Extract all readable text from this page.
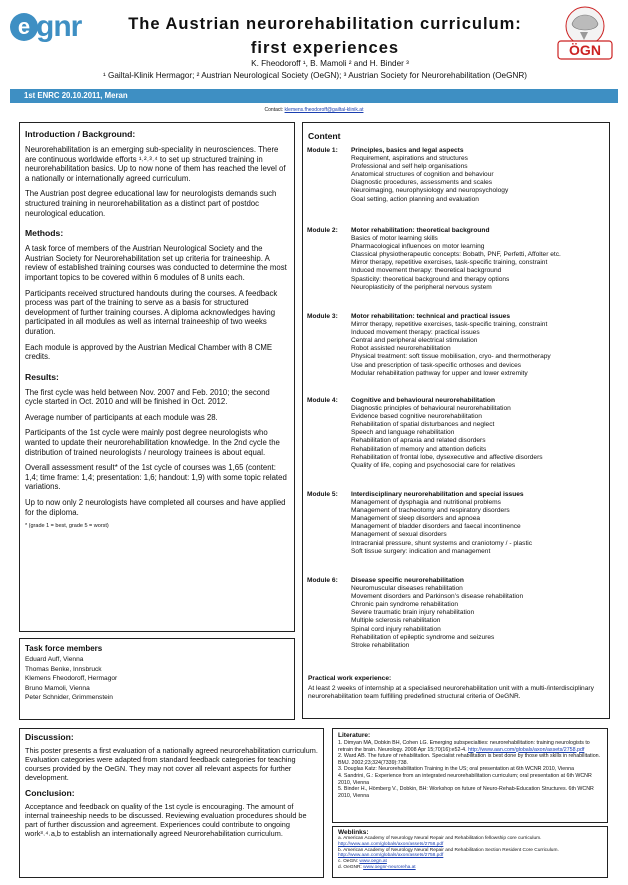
e gnr
ÖGN
The Austrian neurorehabilitation curriculum:
first experiences
K. Fheodoroff ¹, B. Mamoli ² and H. Binder ³
¹ Gailtal-Klinik Hermagor; ² Austrian Neurological Society (OeGN); ³ Austrian Society for Neurorehabilitation (OeGNR)
1st ENRC 20.10.2011, Meran
Contact: klemens.fheodoroff@gailtal-klinik.at
Introduction / Background:

Neurorehabilitation is an emerging sub-speciality in neurosciences. There are continuous worldwide efforts ¹˒²˒³˒⁴ to set up structured training in neurorehabilitation basics. Up to now none of them has reached the level of a nationally or internationally agreed curriculum.

The Austrian post degree educational law for neurologists demands such structured training in neurorehabilitation as a distinct part of postdoc neurological education.

Methods:

A task force of members of the Austrian Neurological Society and the Austrian Society for Neurorehabilitation set up criteria for traineeship. A review of established training courses was conducted to determine the most important topics to be covered within 6 modules of 8 units each.

Participants received structured handouts during the courses. A feedback process was part of the training to serve as a basis for structured development of further training courses. A diploma acknowledges having participated in all modules as well as internal traineeship of two weeks duration.

Each module is approved by the Austrian Medical Chamber with 8 CME credits.

Results:

The first cycle was held between Nov. 2007 and Feb. 2010; the second cycle started in Oct. 2010 and will be finished in Oct. 2012.

Average number of participants at each module was 28.

Participants of the 1st cycle were mainly post degree neurologists who wanted to update their neurorehabilitation knowledge. In the 2nd cycle the distribution of trained neurologists / neurology trainees is about equal.

Overall assessment result* of the 1st cycle of courses was 1,65 (content: 1,4; time frame: 1,4; presentation: 1,6; handout: 1,9) with some topic related variations.

Up to now only 2 neurologists have completed all courses and have applied for the diploma.

* (grade 1 = best, grade 5 = worst)

Task force members
Eduard Auff, Vienna
Thomas Benke, Innsbruck
Klemens Fheodoroff, Hermagor
Bruno Mamoli, Vienna
Peter Schnider, Grimmenstein
Content
Module 1: Principles, basics and legal aspects
Requirement, aspirations and structures
Professional and self help organisations
Anatomical structures of cognition and behaviour
Diagnostic procedures, assessments and scales
Neuroimaging, neurophysiology and neuropsychology
Goal setting, action planning and evaluation
Module 2: Motor rehabilitation: theoretical background
Basics of motor learning skills
Pharmacological influences on motor learning
Classical physiotherapeutic concepts: Bobath, PNF, Perfetti, Affolter etc.
Mirror therapy, repetitive exercises, task-specific training, constraint
Induced movement therapy: theoretical background
Spasticity: theoretical background and therapy options
Neuroplasticity of the peripheral nervous system
Module 3: Motor rehabilitation: technical and practical issues
Mirror therapy, repetitive exercises, task-specific training, constraint
Induced movement therapy: practical issues
Central and peripheral electrical stimulation
Robot assisted neurorehabilitation
Physical treatment: soft tissue mobilisation, cryo- and thermotherapy
Use and prescription of task-specific orthoses and devices
Modular rehabilitation pathway for upper and lower extremity
Module 4: Cognitive and behavioural neurorehabilitation
Diagnostic principles of behavioural neurorehabilitation
Evidence based cognitive neurorehabilitation
Rehabilitation of spatial disturbances and neglect
Speech and language rehabilitation
Rehabilitation of apraxia and related disorders
Rehabilitation of memory and attention deficits
Rehabilitation of frontal lobe, dysexecutive and affective disorders
Quality of life, coping and psychosocial care for relatives
Module 5: Interdisciplinary neurorehabilitation and special issues
Management of dysphagia and nutritional problems
Management of tracheotomy and respiratory disorders
Management of sleep disorders and apnoea
Management of bladder disorders and faecal incontinence
Management of sexual disorders
Intracranial pressure, shunt systems and craniotomy / - plastic
Soft tissue surgery: indication and management
Module 6: Disease specific neurorehabilitation
Neuromuscular diseases rehabilitation
Movement disorders and Parkinson’s disease rehabilitation
Chronic pain syndrome rehabilitation
Severe traumatic brain injury rehabilitation
Multiple sclerosis rehabilitation
Spinal cord injury rehabilitation
Rehabilitation of epileptic syndrome and seizures
Stroke rehabilitation
Practical work experience:
At least 2 weeks of internship at a specialised neurorehabilitation unit with a multi-/interdisciplinary neurorehabilitation team fulfilling predefined structural criteria of OeGNR.
Discussion:

This poster presents a first evaluation of a nationally agreed neurorehabilitation curriculum. Evaluation categories were adapted from standard feedback categories for teaching courses provided by the OeGN. They may not cover all relevant aspects for further development.

Conclusion:

Acceptance and feedback on quality of the 1st cycle is encouraging. The amount of internal traineeship needs to be discussed. Reviewing evaluation procedures should be part of further discussion and agreement. Experiences could contribute to ongoing work³˒⁴˒a,b to establish an internationally agreed Neurorehabilitation curriculum.

Literature:
1. Dimyan MA, Dobkin BH, Cohen LG. Emerging subspecialties: neurorehabilitation: training neurologists to retrain the brain. Neurology. 2008 Apr 15;70(16):e52-4. http://www.aan.com/globals/axon/assets/2758.pdf
2. Ward AB. The future of rehabilitation. Specialist rehabilitation is best done by those with skills in rehabilitation. BMJ. 2002;23;324(7339):738.
3. Douglas Katz: Neurorehabilitation Training in the US; oral presentation at 6th WCNR 2010, Vienna
4. Sandrini, G.: Experience from an integrated neurorehabilitation curriculum; oral presentation at 6th WCNR 2010, Vienna
5. Binder H., Hömberg V., Dobkin, BH: Workshop on future of Neuro-Rehab-Education Structures. 6th WCNR 2010, Vienna
Weblinks:
a. American Academy of Neurology Neural Repair and Rehabilitation fellowship core curriculum. http://www.aan.com/globals/axon/assets/2758.pdf
b. American Academy of Neurology Neural Repair and Rehabilitation Section Resident Core Curriculum. http://www.aan.com/globals/axon/assets/2758.pdf
c. OeGN: www.oegn.at
d. OeGNR: www.oegnr-neuroreha.at
